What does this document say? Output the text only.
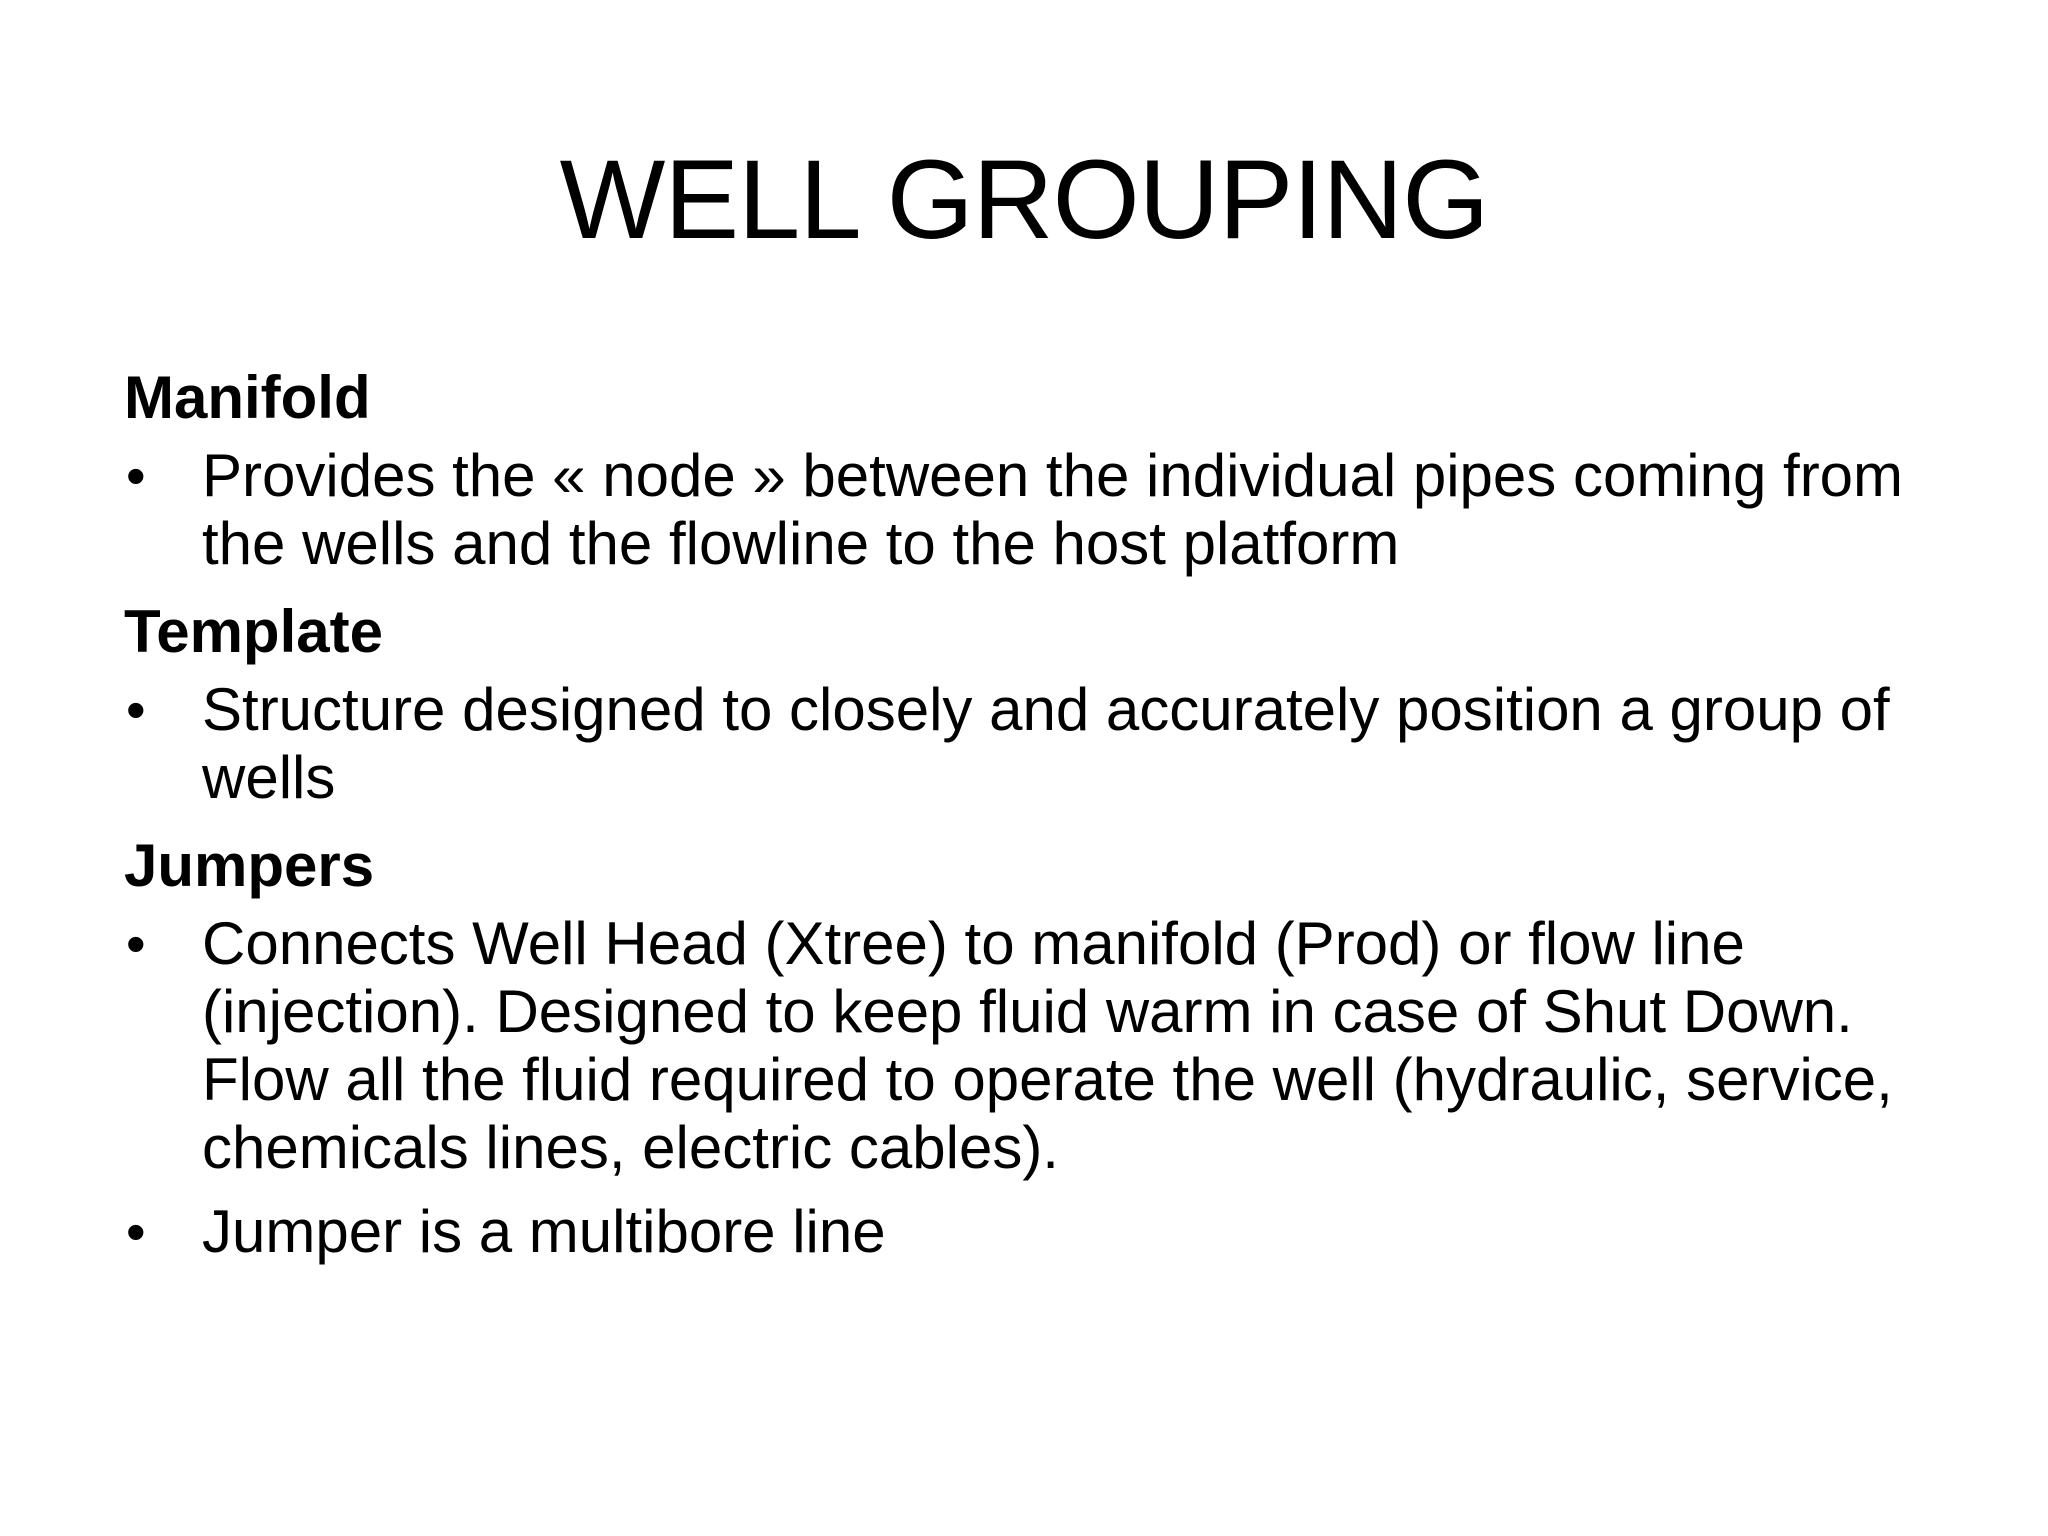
WELL GROUPING
Manifold
• Provides the « node » between the individual pipes coming from the wells and the flowline to the host platform
Template
• Structure designed to closely and accurately position a group of wells
Jumpers
• Connects Well Head (Xtree) to manifold (Prod) or flow line (injection). Designed to keep fluid warm in case of Shut Down. Flow all the fluid required to operate the well (hydraulic, service, chemicals lines, electric cables).
• Jumper is a multibore line
